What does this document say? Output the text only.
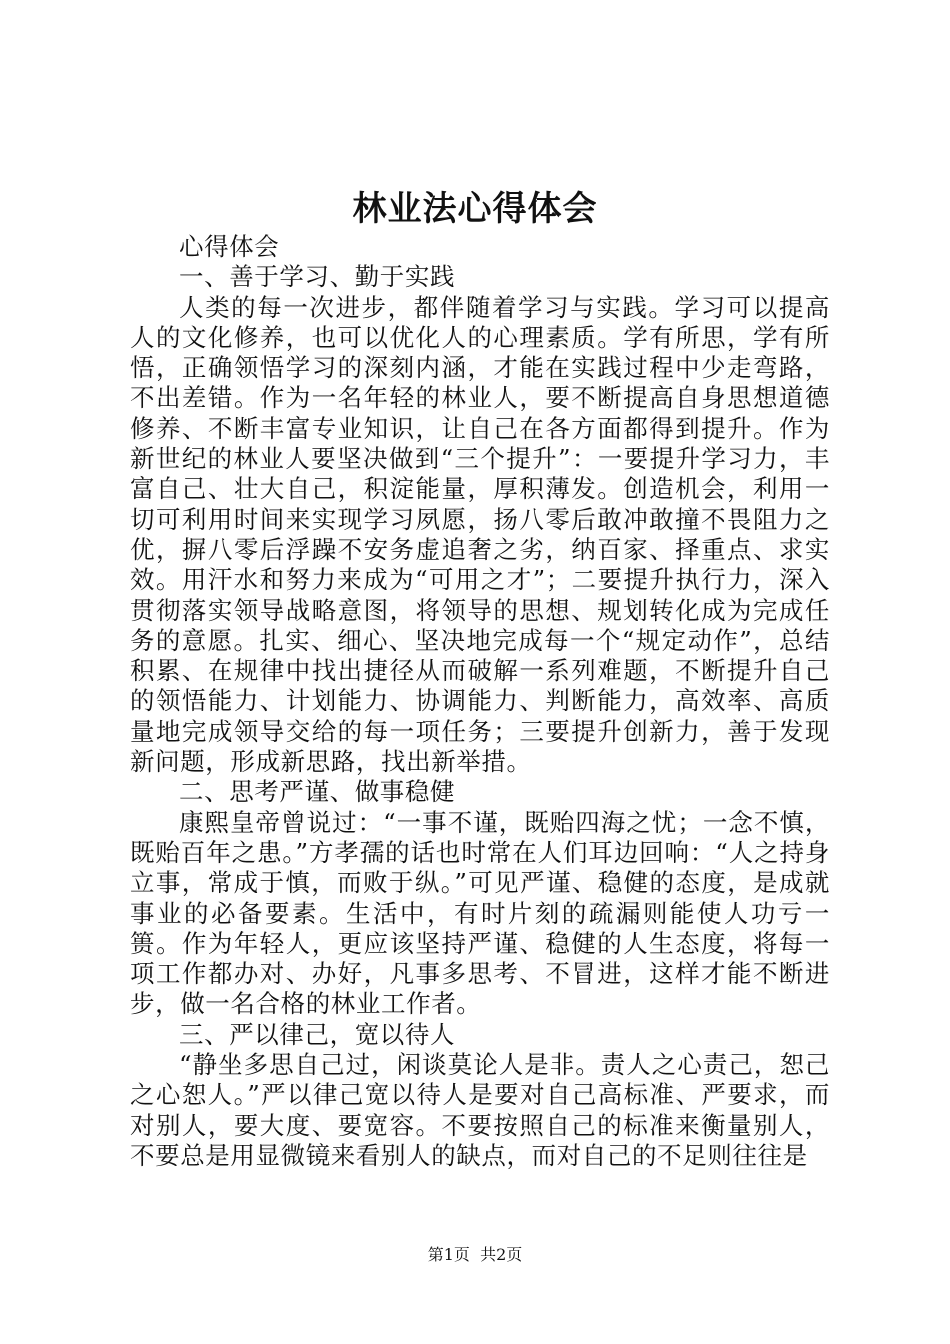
林业法心得体会

心得体会

一、善于学习、勤于实践

人类的每一次进步，都伴随着学习与实践。学习可以提高人的文化修养，也可以优化人的心理素质。学有所思，学有所悟，正确领悟学习的深刻内涵，才能在实践过程中少走弯路，不出差错。作为一名年轻的林业人，要不断提高自身思想道德修养、不断丰富专业知识，让自己在各方面都得到提升。作为新世纪的林业人要坚决做到“三个提升”：一要提升学习力，丰富自己、壮大自己，积淀能量，厚积薄发。创造机会，利用一切可利用时间来实现学习夙愿，扬八零后敢冲敢撞不畏阻力之优，摒八零后浮躁不安务虚追奢之劣，纳百家、择重点、求实效。用汗水和努力来成为“可用之才”；二要提升执行力，深入贯彻落实领导战略意图，将领导的思想、规划转化成为完成任务的意愿。扎实、细心、坚决地完成每一个“规定动作”，总结积累、在规律中找出捷径从而破解一系列难题，不断提升自己的领悟能力、计划能力、协调能力、判断能力，高效率、高质量地完成领导交给的每一项任务；三要提升创新力，善于发现新问题，形成新思路，找出新举措。

二、思考严谨、做事稳健

康熙皇帝曾说过：“一事不谨，既贻四海之忧；一念不慎，既贻百年之患。”方孝孺的话也时常在人们耳边回响：“人之持身立事，常成于慎，而败于纵。”可见严谨、稳健的态度，是成就事业的必备要素。生活中，有时片刻的疏漏则能使人功亏一篑。作为年轻人，更应该坚持严谨、稳健的人生态度，将每一项工作都办对、办好，凡事多思考、不冒进，这样才能不断进步，做一名合格的林业工作者。

三、严以律己，宽以待人

“静坐多思自己过，闲谈莫论人是非。责人之心责己，恕己之心恕人。”严以律己宽以待人是要对自己高标准、严要求，而对别人，要大度、要宽容。不要按照自己的标准来衡量别人，不要总是用显微镜来看别人的缺点，而对自己的不足则往往是

第1页 共2页
